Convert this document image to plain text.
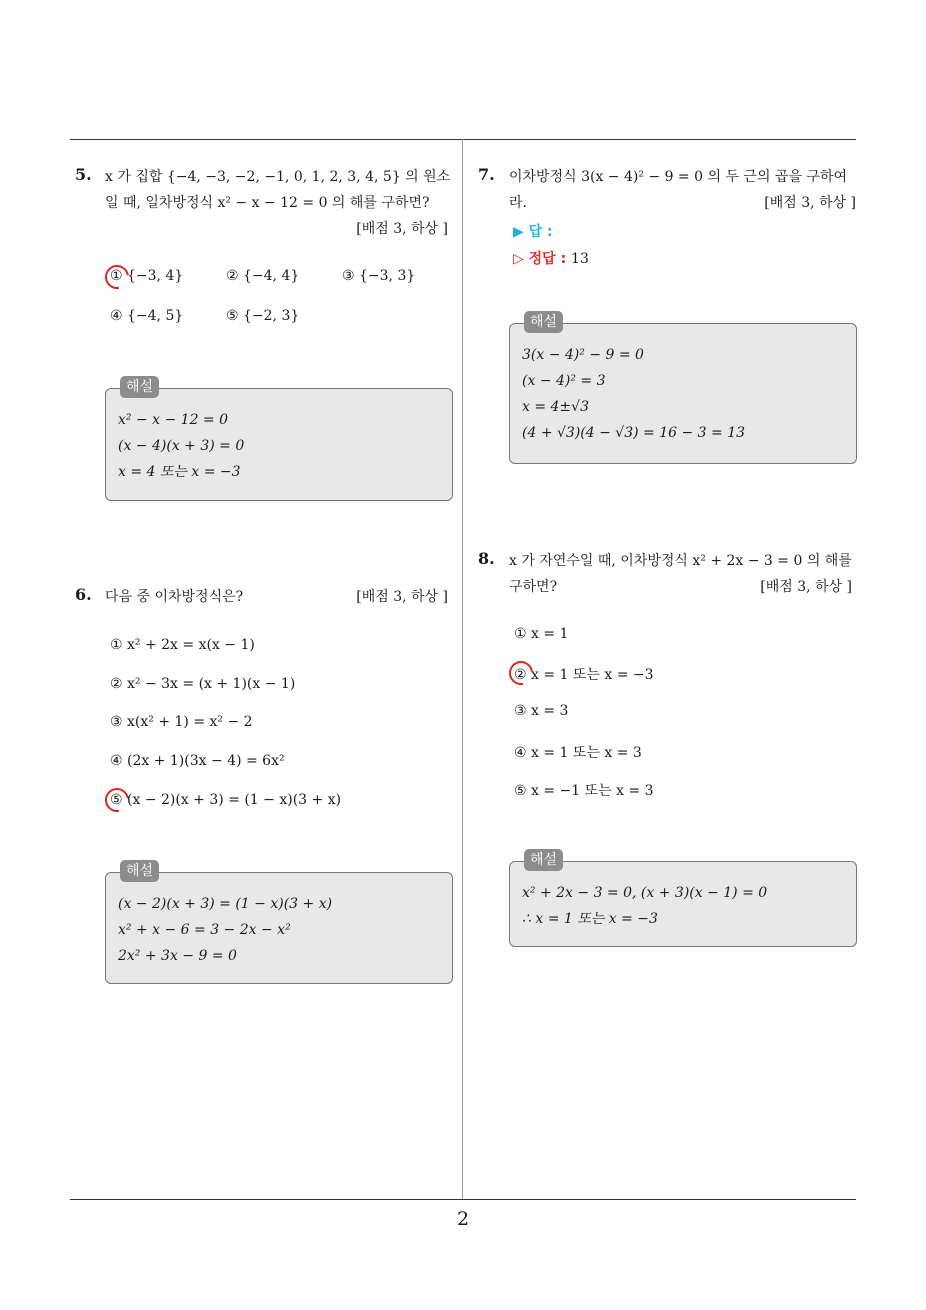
5. x 가 집합 {−4, −3, −2, −1, 0, 1, 2, 3, 4, 5} 의 원소
일 때, 일차방정식 x² − x − 12 = 0 의 해를 구하면?
[배점 3, 하상 ]
① {−3, 4}	② {−4, 4}	③ {−3, 3}
④ {−4, 5}	⑤ {−2, 3}
해설
x² − x − 12 = 0
(x − 4)(x + 3) = 0
x = 4 또는 x = −3
6. 다음 중 이차방정식은?	[배점 3, 하상 ]
① x² + 2x = x(x − 1)
② x² − 3x = (x + 1)(x − 1)
③ x(x² + 1) = x² − 2
④ (2x + 1)(3x − 4) = 6x²
⑤ (x − 2)(x + 3) = (1 − x)(3 + x)
해설
(x − 2)(x + 3) = (1 − x)(3 + x)
x² + x − 6 = 3 − 2x − x²
2x² + 3x − 9 = 0
7. 이차방정식 3(x − 4)² − 9 = 0 의 두 근의 곱을 구하여
라.	[배점 3, 하상 ]
▶ 답 :
▷ 정답 : 13
해설
3(x − 4)² − 9 = 0
(x − 4)² = 3
x = 4±√3
(4 + √3)(4 − √3) = 16 − 3 = 13
8. x 가 자연수일 때, 이차방정식 x² + 2x − 3 = 0 의 해를
구하면?	[배점 3, 하상 ]
① x = 1
② x = 1 또는 x = −3
③ x = 3
④ x = 1 또는 x = 3
⑤ x = −1 또는 x = 3
해설
x² + 2x − 3 = 0, (x + 3)(x − 1) = 0
∴ x = 1 또는 x = −3
2
